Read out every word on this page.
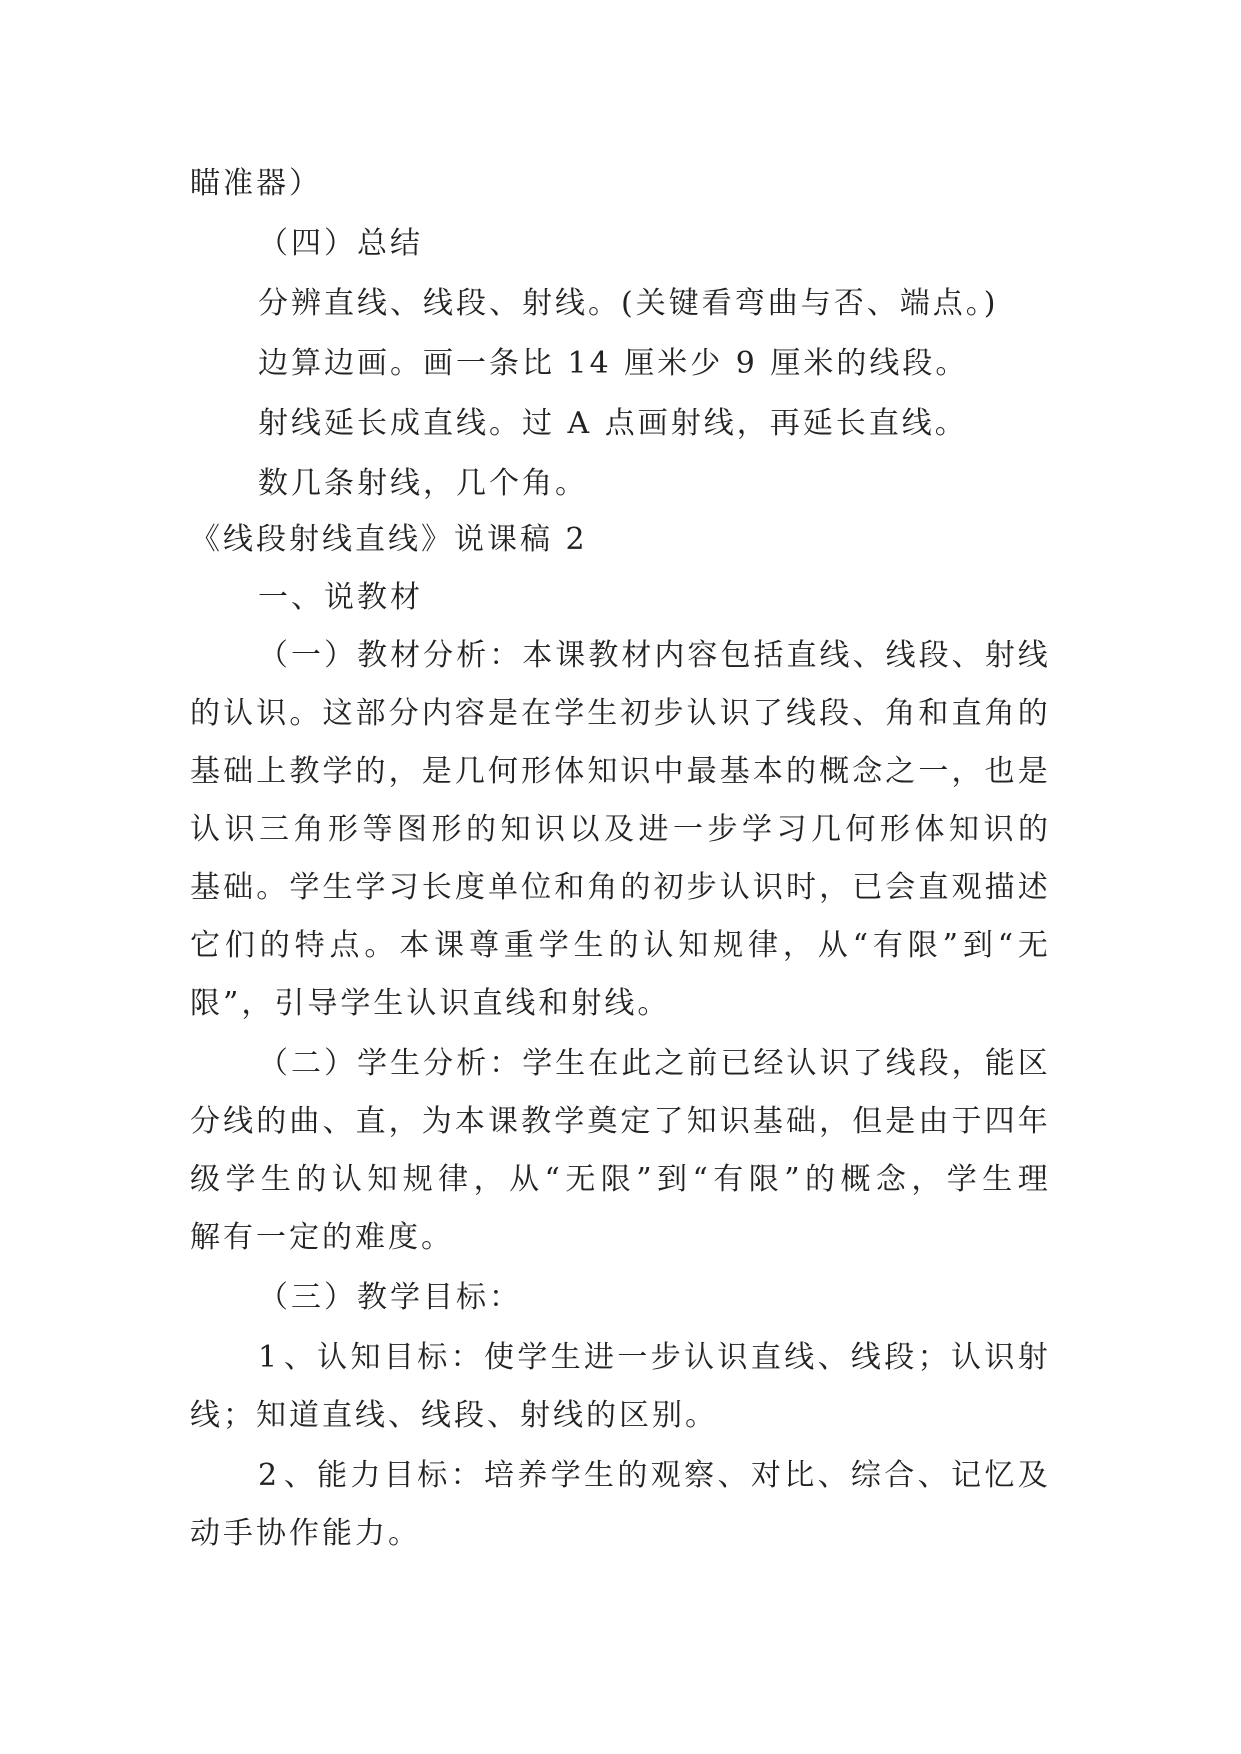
瞄准器）
（四）总结
分辨直线、线段、射线。(关键看弯曲与否、端点。)
边算边画。画一条比 14 厘米少 9 厘米的线段。
射线延长成直线。过 A 点画射线，再延长直线。
数几条射线，几个角。
《线段射线直线》说课稿 2
一、说教材
（ 一 ） 教 材 分 析 ： 本 课 教 材 内 容 包 括 直 线 、 线 段 、 射 线
的 认 识 。 这 部 分 内 容 是 在 学 生 初 步 认 识 了 线 段 、 角 和 直 角 的
基 础 上 教 学 的 ， 是 几 何 形 体 知 识 中 最 基 本 的 概 念 之 一 ， 也 是
认 识 三 角 形 等 图 形 的 知 识 以 及 进 一 步 学 习 几 何 形 体 知 识 的
基 础 。 学 生 学 习 长 度 单 位 和 角 的 初 步 认 识 时 ， 已 会 直 观 描 述
它 们 的 特 点 。 本 课 尊 重 学 生 的 认 知 规 律 ， 从 “ 有 限 ” 到 “ 无
限”，引导学生认识直线和射线。
（ 二 ） 学 生 分 析 ： 学 生 在 此 之 前 已 经 认 识 了 线 段 ， 能 区
分 线 的 曲 、 直 ， 为 本 课 教 学 奠 定 了 知 识 基 础 ， 但 是 由 于 四 年
级 学 生 的 认 知 规 律 ， 从 “ 无 限 ” 到 “ 有 限 ” 的 概 念 ， 学 生 理
解有一定的难度。
（三）教学目标：
1 、 认 知 目 标 ： 使 学 生 进 一 步 认 识 直 线 、 线 段 ； 认 识 射
线；知道直线、线段、射线的区别。
2 、 能 力 目 标 ： 培 养 学 生 的 观 察 、 对 比 、 综 合 、 记 忆 及
动手协作能力。
